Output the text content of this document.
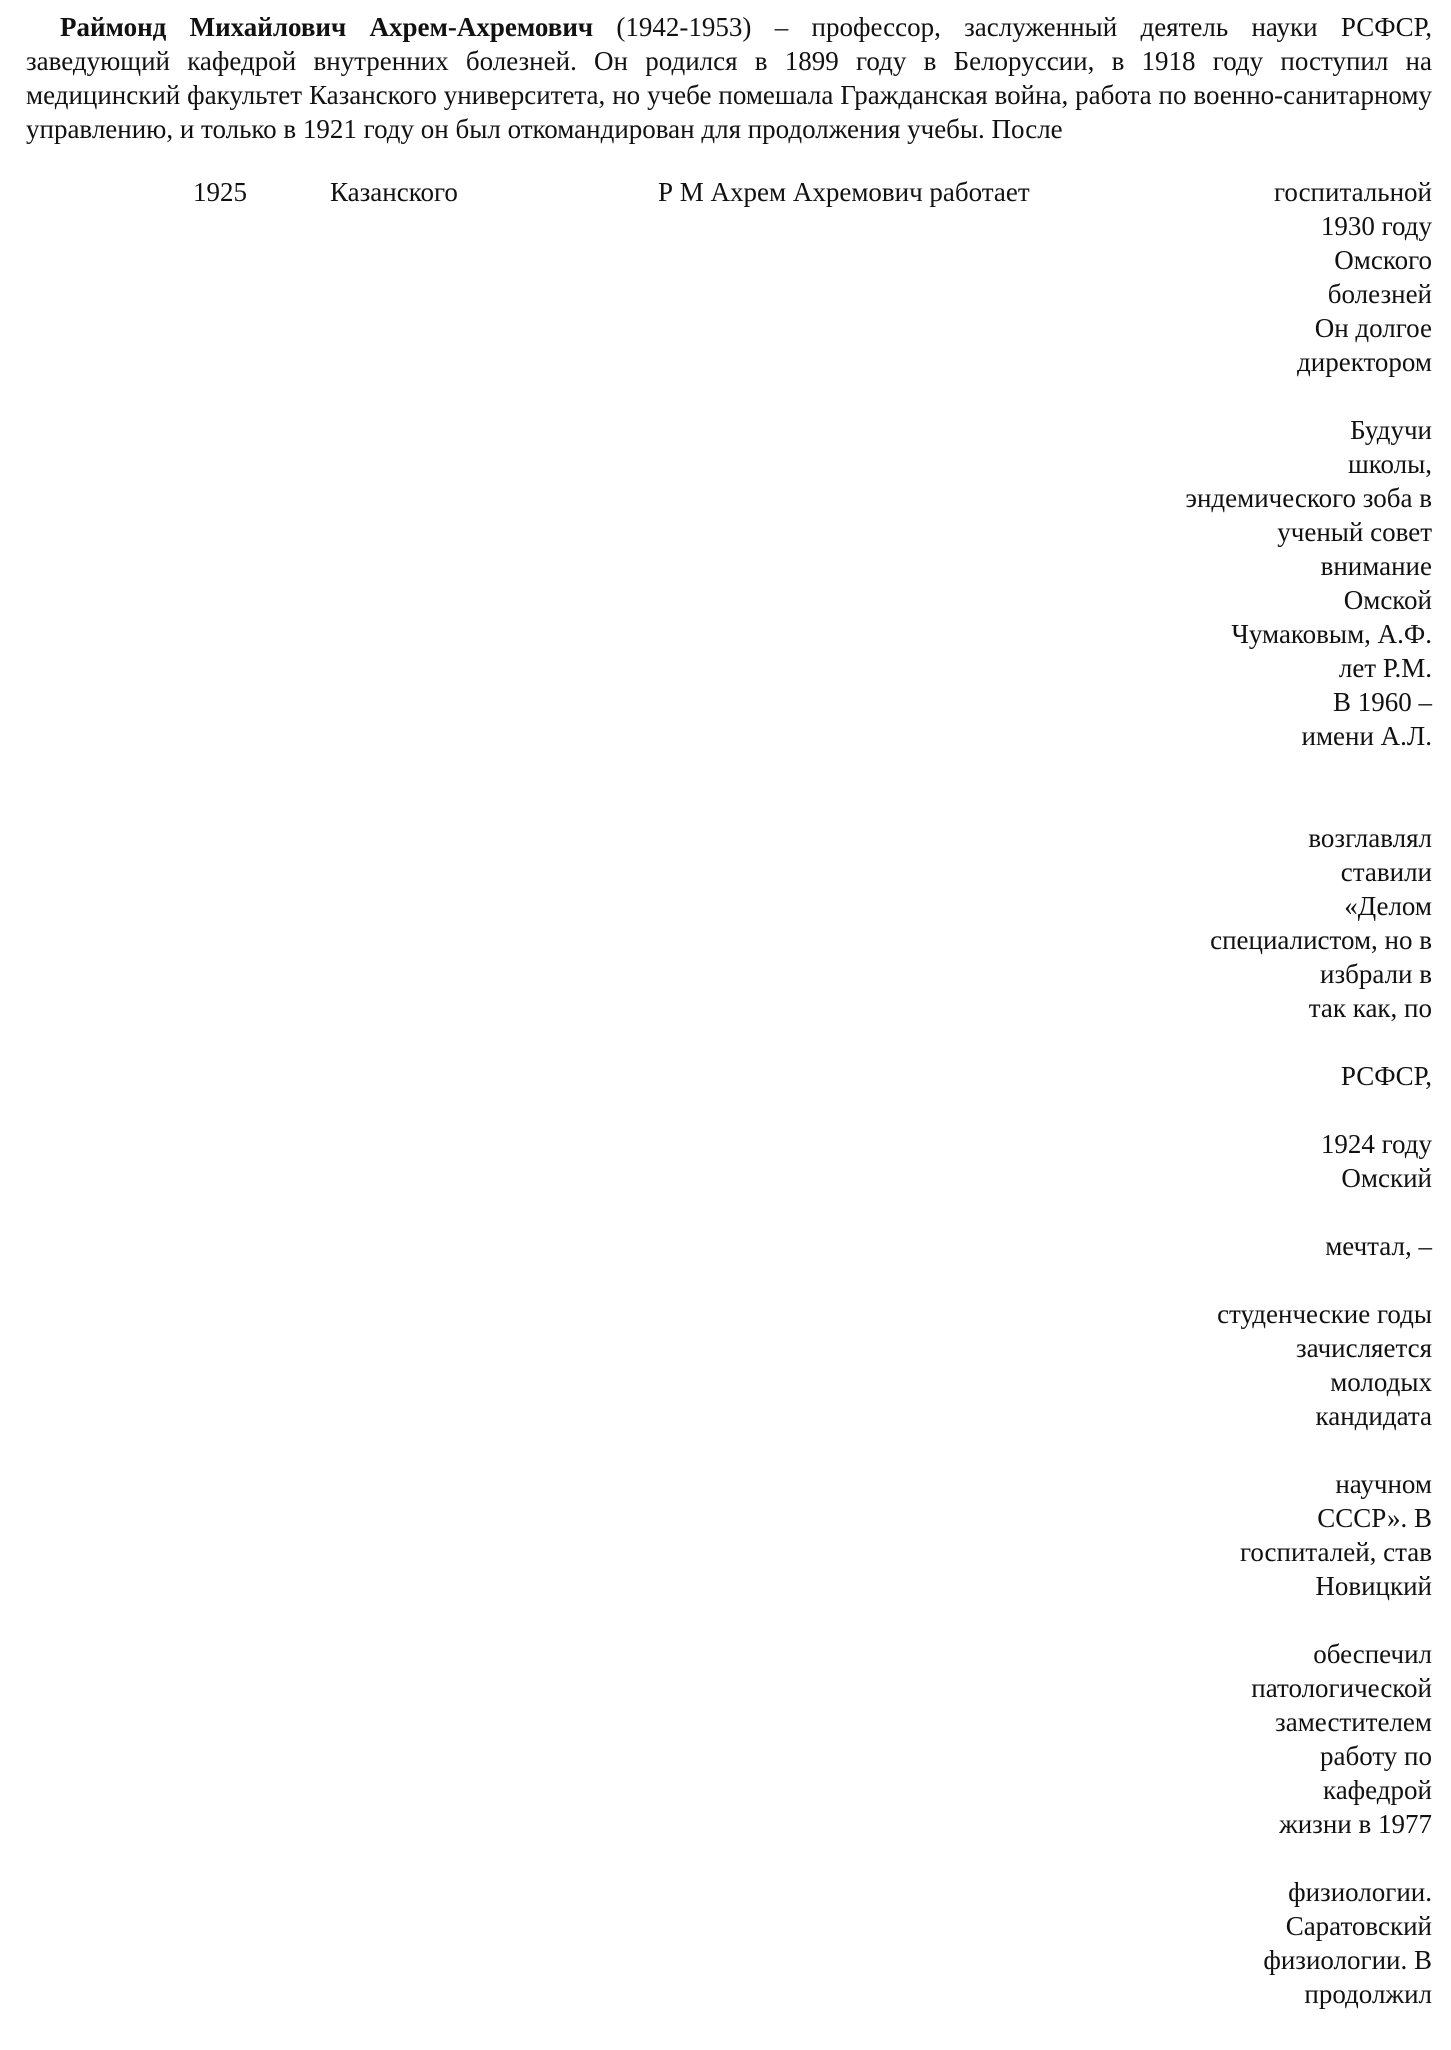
Раймонд Михайлович Ахрем-Ахремович (1942-1953) – профессор, заслуженный деятель науки РСФСР, заведующий кафедрой внутренних болезней. Он родился в 1899 году в Белоруссии, в 1918 году поступил на медицинский факультет Казанского университета, но учебе помешала Гражданская война, работа по военно-санитарному управлению, и только в 1921 году он был откомандирован для продолжения учебы. После

1925	Казанского	Р М Ахрем Ахремович работает	госпитальной
1930 году
Омского
болезней
Он долгое
директором
Будучи
школы,
эндемического зоба в
ученый совет
внимание
Омской
Чумаковым, А.Ф.
лет Р.М.
В 1960 –
имени А.Л.
возглавлял
ставили
«Делом
специалистом, но в
избрали в
так как, по
РСФСР,
1924 году
Омский
мечтал, –
студенческие годы
зачисляется
молодых
кандидата
научном
СССР». В
госпиталей, став
Новицкий
обеспечил
патологической
заместителем
работу по
кафедрой
жизни в 1977
физиологии.
Саратовский
физиологии. В
продолжил
